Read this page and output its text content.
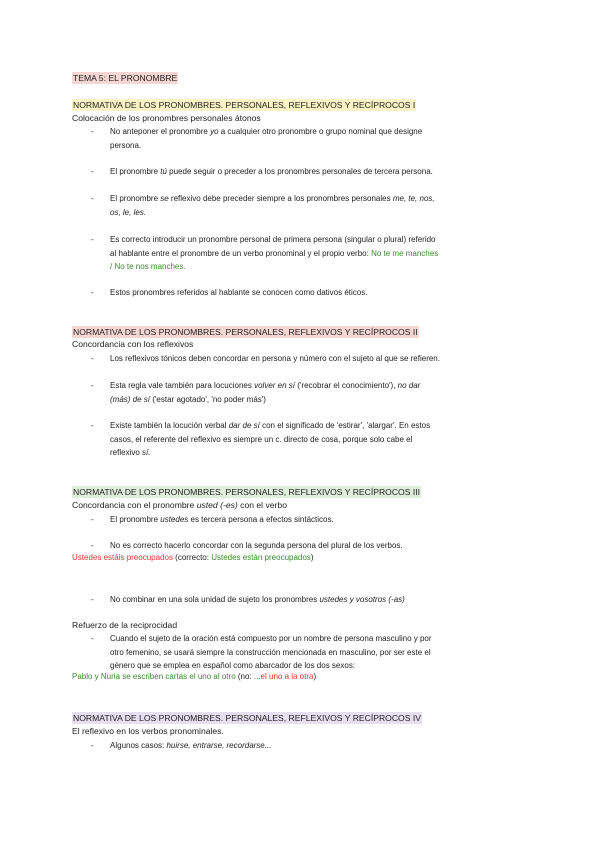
TEMA 5: EL PRONOMBRE
NORMATIVA DE LOS PRONOMBRES. PERSONALES, REFLEXIVOS Y RECÍPROCOS I
Colocación de los pronombres personales átonos
- No anteponer el pronombre yo a cualquier otro pronombre o grupo nominal que designe
persona.
- El pronombre tú puede seguir o preceder a los pronombres personales de tercera persona.
- El pronombre se reflexivo debe preceder siempre a los pronombres personales me, te, nos,
os, le, les.
- Es correcto introducir un pronombre personal de primera persona (singular o plural) referido
al hablante entre el pronombre de un verbo pronominal y el propio verbo: No te me manches
/ No te nos manches.
- Estos pronombres referidos al hablante se conocen como dativos éticos.
NORMATIVA DE LOS PRONOMBRES. PERSONALES, REFLEXIVOS Y RECÍPROCOS II
Concordancia con los reflexivos
- Los reflexivos tónicos deben concordar en persona y número con el sujeto al que se refieren.
- Esta regla vale también para locuciones volver en sí ('recobrar el conocimiento'), no dar
(más) de sí ('estar agotado', 'no poder más')
- Existe también la locución verbal dar de sí con el significado de 'estirar', 'alargar'. En estos
casos, el referente del reflexivo es siempre un c. directo de cosa, porque solo cabe el
reflexivo sí.
NORMATIVA DE LOS PRONOMBRES. PERSONALES, REFLEXIVOS Y RECÍPROCOS III
Concordancia con el pronombre usted (-es) con el verbo
- El pronombre ustedes es tercera persona a efectos sintácticos.
- No es correcto hacerlo concordar con la segunda persona del plural de los verbos.
Ustedes estáis preocupados (correcto: Ustedes están preocupados)
- No combinar en una sola unidad de sujeto los pronombres ustedes y vosotros (-as)
Refuerzo de la reciprocidad
- Cuando el sujeto de la oración está compuesto por un nombre de persona masculino y por
otro femenino, se usará siempre la construcción mencionada en masculino, por ser este el
género que se emplea en español como abarcador de los dos sexos:
Pablo y Nuria se escriben cartas el uno al otro (no: ...el uno a la otra)
NORMATIVA DE LOS PRONOMBRES. PERSONALES, REFLEXIVOS Y RECÍPROCOS IV
El reflexivo en los verbos pronominales.
- Algunos casos: huirse, entrarse, recordarse...
